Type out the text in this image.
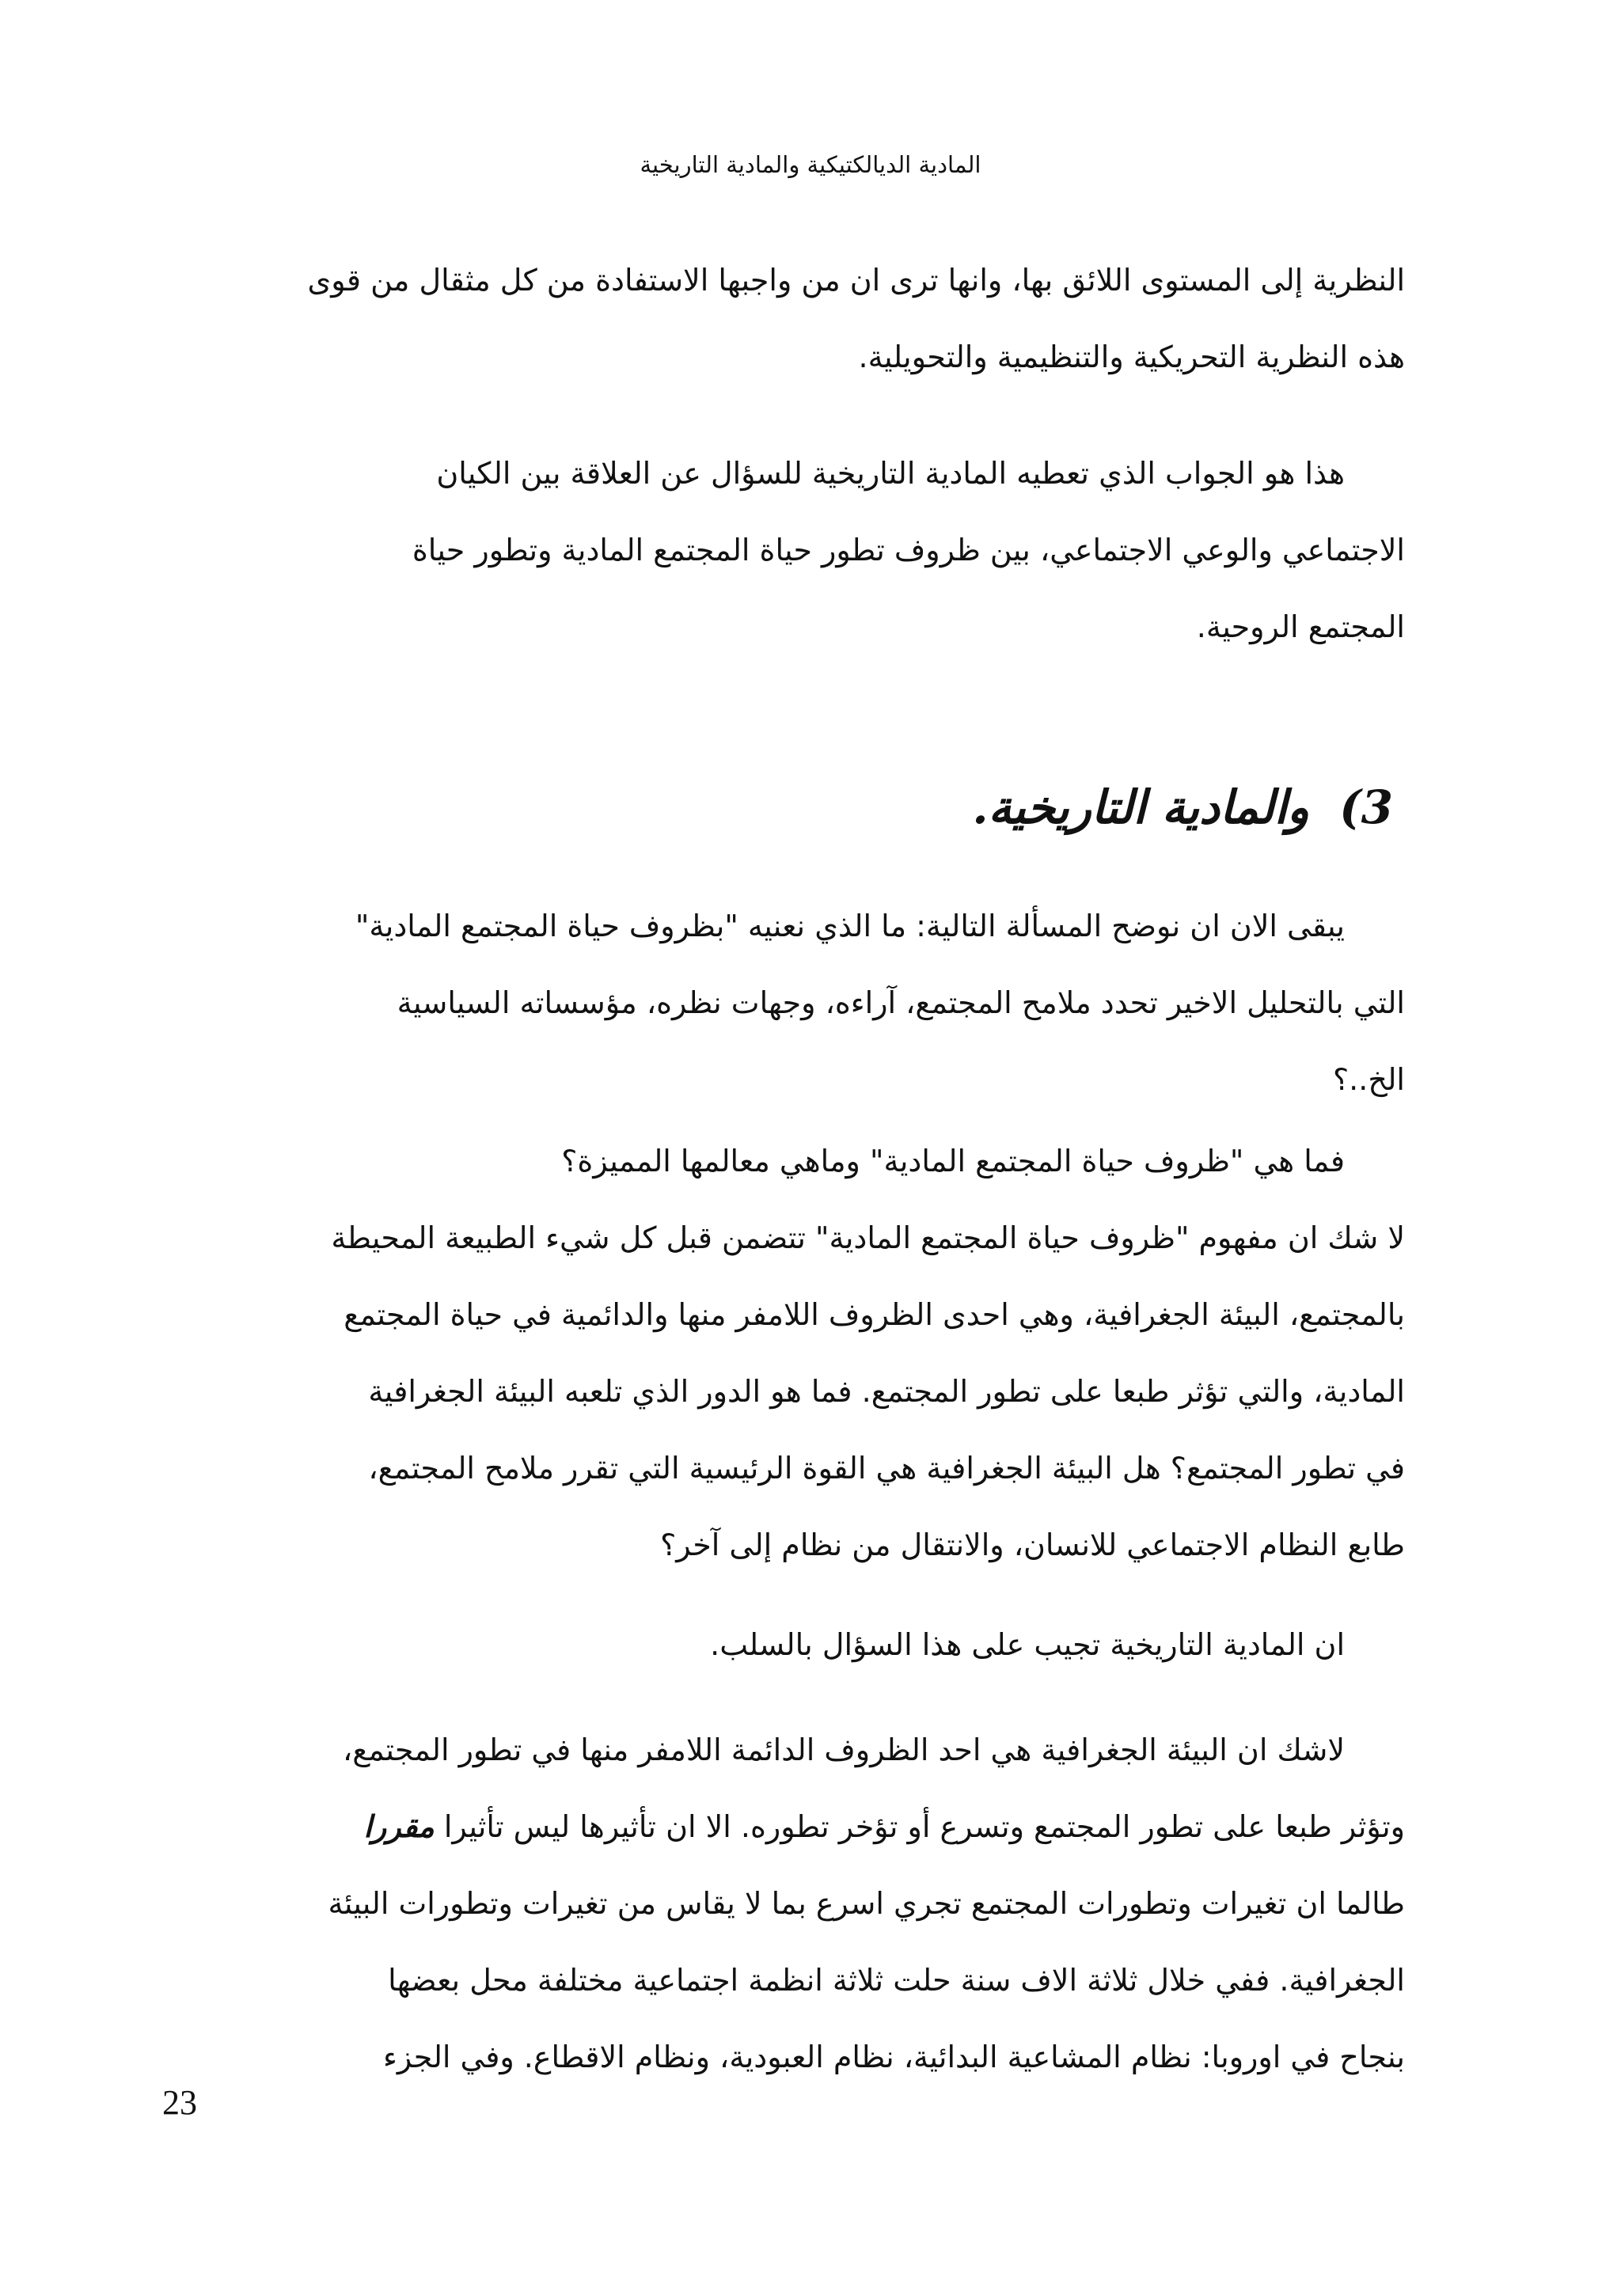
المادية الديالكتيكية والمادية التاريخية
النظرية إلى المستوى اللائق بها، وانها ترى ان من واجبها الاستفادة من كل مثقال من قوى
هذه النظرية التحريكية والتنظيمية والتحويلية.
هذا هو الجواب الذي تعطيه المادية التاريخية للسؤال عن العلاقة بين الكيان
الاجتماعي والوعي الاجتماعي، بين ظروف تطور حياة المجتمع المادية وتطور حياة
المجتمع الروحية.
3) والمادية التاريخية.
يبقى الان ان نوضح المسألة التالية: ما الذي نعنيه "بظروف حياة المجتمع المادية"
التي بالتحليل الاخير تحدد ملامح المجتمع، آراءه، وجهات نظره، مؤسساته السياسية
الخ..؟
فما هي "ظروف حياة المجتمع المادية" وماهي معالمها المميزة؟
لا شك ان مفهوم "ظروف حياة المجتمع المادية" تتضمن قبل كل شيء الطبيعة المحيطة
بالمجتمع، البيئة الجغرافية، وهي احدى الظروف اللامفر منها والدائمية في حياة المجتمع
المادية، والتي تؤثر طبعا على تطور المجتمع. فما هو الدور الذي تلعبه البيئة الجغرافية
في تطور المجتمع؟ هل البيئة الجغرافية هي القوة الرئيسية التي تقرر ملامح المجتمع،
طابع النظام الاجتماعي للانسان، والانتقال من نظام إلى آخر؟
ان المادية التاريخية تجيب على هذا السؤال بالسلب.
لاشك ان البيئة الجغرافية هي احد الظروف الدائمة اللامفر منها في تطور المجتمع،
وتؤثر طبعا على تطور المجتمع وتسرع أو تؤخر تطوره. الا ان تأثيرها ليس تأثيرا مقررا
طالما ان تغيرات وتطورات المجتمع تجري اسرع بما لا يقاس من تغيرات وتطورات البيئة
الجغرافية. ففي خلال ثلاثة الاف سنة حلت ثلاثة انظمة اجتماعية مختلفة محل بعضها
بنجاح في اوروبا: نظام المشاعية البدائية، نظام العبودية، ونظام الاقطاع. وفي الجزء
23
